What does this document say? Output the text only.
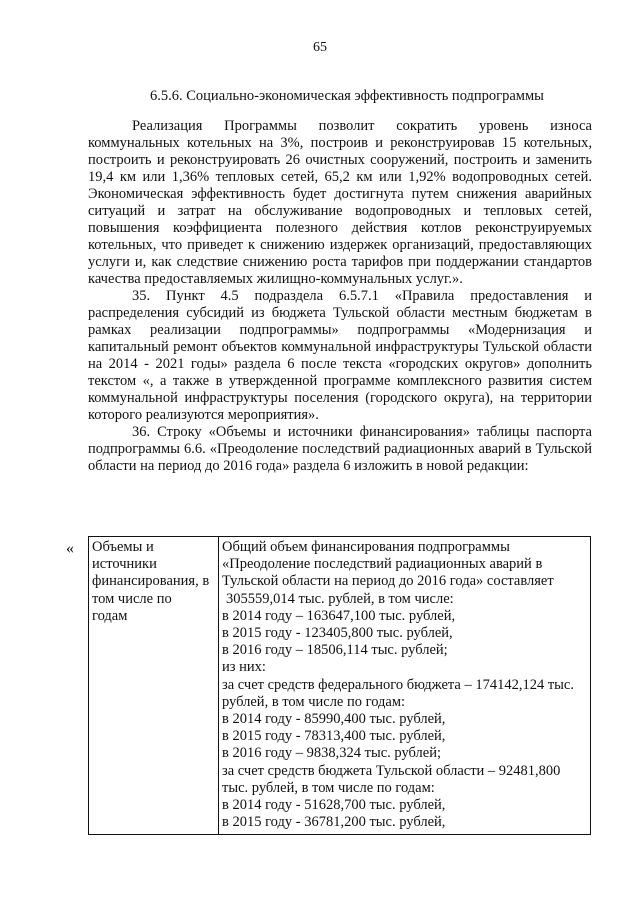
65
6.5.6. Социально-экономическая эффективность подпрограммы

Реализация Программы позволит сократить уровень износа коммунальных котельных на 3%, построив и реконструировав 15 котельных, построить и реконструировать 26 очистных сооружений, построить и заменить 19,4 км или 1,36% тепловых сетей, 65,2 км или 1,92% водопроводных сетей. Экономическая эффективность будет достигнута путем снижения аварийных ситуаций и затрат на обслуживание водопроводных и тепловых сетей, повышения коэффициента полезного действия котлов реконструируемых котельных, что приведет к снижению издержек организаций, предоставляющих услуги и, как следствие снижению роста тарифов при поддержании стандартов качества предоставляемых жилищно-коммунальных услуг.».

35. Пункт 4.5 подраздела 6.5.7.1 «Правила предоставления и распределения субсидий из бюджета Тульской области местным бюджетам в рамках реализации подпрограммы» подпрограммы «Модернизация и капитальный ремонт объектов коммунальной инфраструктуры Тульской области на 2014 - 2021 годы» раздела 6 после текста «городских округов» дополнить текстом «, а также в утвержденной программе комплексного развития систем коммунальной инфраструктуры поселения (городского округа), на территории которого реализуются мероприятия».

36. Строку «Объемы и источники финансирования» таблицы паспорта подпрограммы 6.6. «Преодоление последствий радиационных аварий в Тульской области на период до 2016 года» раздела 6 изложить в новой редакции:

« Объемы и
источники
финансирования, в
том числе по
годам

Общий объем финансирования подпрограммы
«Преодоление последствий радиационных аварий в
Тульской области на период до 2016 года» составляет
305559,014 тыс. рублей, в том числе:
в 2014 году – 163647,100 тыс. рублей,
в 2015 году - 123405,800 тыс. рублей,
в 2016 году – 18506,114 тыс. рублей;
из них:
за счет средств федерального бюджета – 174142,124 тыс.
рублей, в том числе по годам:
в 2014 году - 85990,400 тыс. рублей,
в 2015 году - 78313,400 тыс. рублей,
в 2016 году – 9838,324 тыс. рублей;
за счет средств бюджета Тульской области – 92481,800
тыс. рублей, в том числе по годам:
в 2014 году - 51628,700 тыс. рублей,
в 2015 году - 36781,200 тыс. рублей,
